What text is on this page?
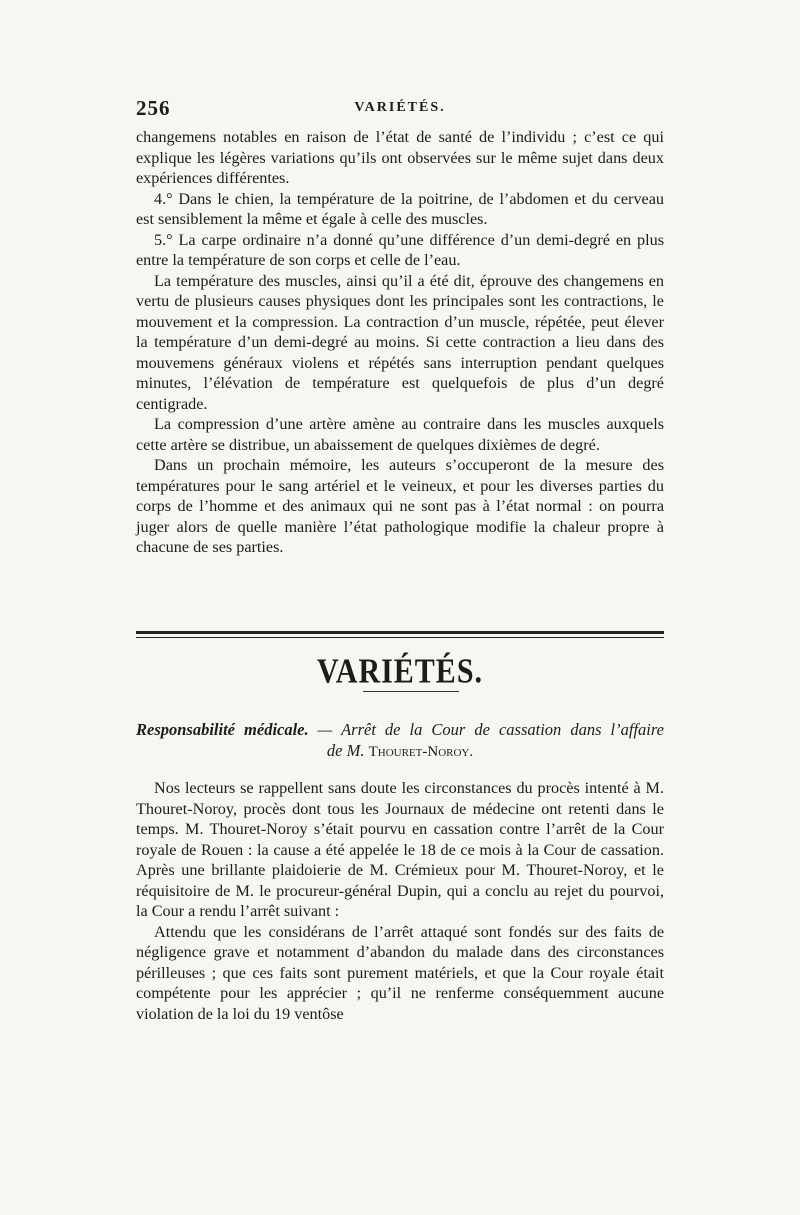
256	VARIÉTÉS.

changemens notables en raison de l’état de santé de l’individu ; c’est ce qui explique les légères variations qu’ils ont observées sur le même sujet dans deux expériences différentes.

4.° Dans le chien, la température de la poitrine, de l’abdomen et du cerveau est sensiblement la même et égale à celle des muscles.

5.° La carpe ordinaire n’a donné qu’une différence d’un demi-degré en plus entre la température de son corps et celle de l’eau.

La température des muscles, ainsi qu’il a été dit, éprouve des changemens en vertu de plusieurs causes physiques dont les principales sont les contractions, le mouvement et la compression. La contraction d’un muscle, répétée, peut élever la température d’un demi-degré au moins. Si cette contraction a lieu dans des mouvemens généraux violens et répétés sans interruption pendant quelques minutes, l’élévation de température est quelquefois de plus d’un degré centigrade.

La compression d’une artère amène au contraire dans les muscles auxquels cette artère se distribue, un abaissement de quelques dixièmes de degré.

Dans un prochain mémoire, les auteurs s’occuperont de la mesure des températures pour le sang artériel et le veineux, et pour les diverses parties du corps de l’homme et des animaux qui ne sont pas à l’état normal : on pourra juger alors de quelle manière l’état pathologique modifie la chaleur propre à chacune de ses parties.

VARIÉTÉS.
Responsabilité médicale. — Arrêt de la Cour de cassation dans l’affaire
de M. Thouret-Noroy.

Nos lecteurs se rappellent sans doute les circonstances du procès intenté à M. Thouret-Noroy, procès dont tous les Journaux de médecine ont retenti dans le temps. M. Thouret-Noroy s’était pourvu en cassation contre l’arrêt de la Cour royale de Rouen : la cause a été appelée le 18 de ce mois à la Cour de cassation. Après une brillante plaidoierie de M. Crémieux pour M. Thouret-Noroy, et le réquisitoire de M. le procureur-général Dupin, qui a conclu au rejet du pourvoi, la Cour a rendu l’arrêt suivant :

Attendu que les considérans de l’arrêt attaqué sont fondés sur des faits de négligence grave et notamment d’abandon du malade dans des circonstances périlleuses ; que ces faits sont purement matériels, et que la Cour royale était compétente pour les apprécier ; qu’il ne renferme conséquemment aucune violation de la loi du 19 ventôse
